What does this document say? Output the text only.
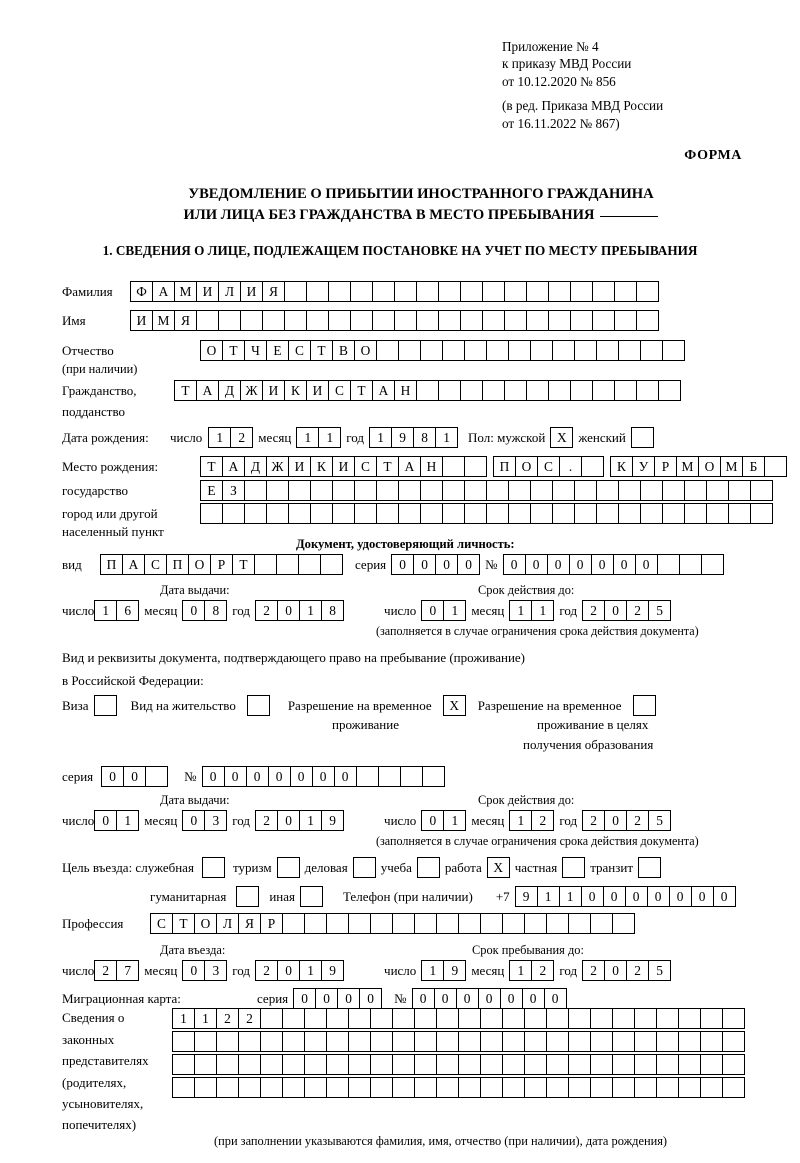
Приложение № 4
к приказу МВД России
от 10.12.2020 № 856
(в ред. Приказа МВД России
от 16.11.2022 № 867)
ФОРМА
УВЕДОМЛЕНИЕ О ПРИБЫТИИ ИНОСТРАННОГО ГРАЖДАНИНА
ИЛИ ЛИЦА БЕЗ ГРАЖДАНСТВА В МЕСТО ПРЕБЫВАНИЯ
1. СВЕДЕНИЯ О ЛИЦЕ, ПОДЛЕЖАЩЕМ ПОСТАНОВКЕ НА УЧЕТ ПО МЕСТУ ПРЕБЫВАНИЯ
Фамилия	Ф А М И Л И Я
Имя	И М Я
Отчество	О Т	Ч	Е	С	Т	В О
(при наличии)
Гражданство,	Т А Д Ж И К И С	Т А Н
подданство
Дата рождения:	число	1	2	месяц 1	1	год 1	9	8	1	Пол: мужской X женский
Место рождения:	Т А Д Ж И К И С	Т А Н	П О С	.	К У	Р М О М Б
государство	Е	З
город или другой
населенный пункт
Документ, удостоверяющий личность:
вид	П А С П О	Р	Т	серия 0	0	0	0	№ 0	0	0	0	0	0	0
Дата выдачи:	Срок действия до:
число 1	6	месяц 0	8	год 2	0	1	8	число 0	1	месяц 1	1	год 2	0	2	5
(заполняется в случае ограничения срока действия документа)
Вид и реквизиты документа, подтверждающего право на пребывание (проживание)
в Российской Федерации:
Виза	Вид на жительство	Разрешение на временное	X	Разрешение на временное
проживание	проживание в целях
получения образования
серия	0	0	№ 0	0	0	0	0	0	0
Дата выдачи:	Срок действия до:
число 0	1	месяц 0	3	год 2	0	1	9	число 0	1	месяц 1	2	год 2	0	2	5
(заполняется в случае ограничения срока действия документа)
Цель въезда: служебная	туризм	деловая	учеба	работа X частная	транзит
гуманитарная	иная	Телефон (при наличии) +7 9	1	1	0	0	0	0	0	0	0
Профессия	С	Т О Л Я	Р
Дата въезда:	Срок пребывания до:
число 2	7	месяц 0	3	год 2	0	1	9	число 1	9	месяц 1	2	год 2	0	2	5
Миграционная карта:	серия 0	0	0	0	№ 0	0	0	0	0	0	0
Сведения о
законных
представителях
(родителях,
усыновителях,
попечителях)
1	1	2	2
(при заполнении указываются фамилия, имя, отчество (при наличии), дата рождения)
